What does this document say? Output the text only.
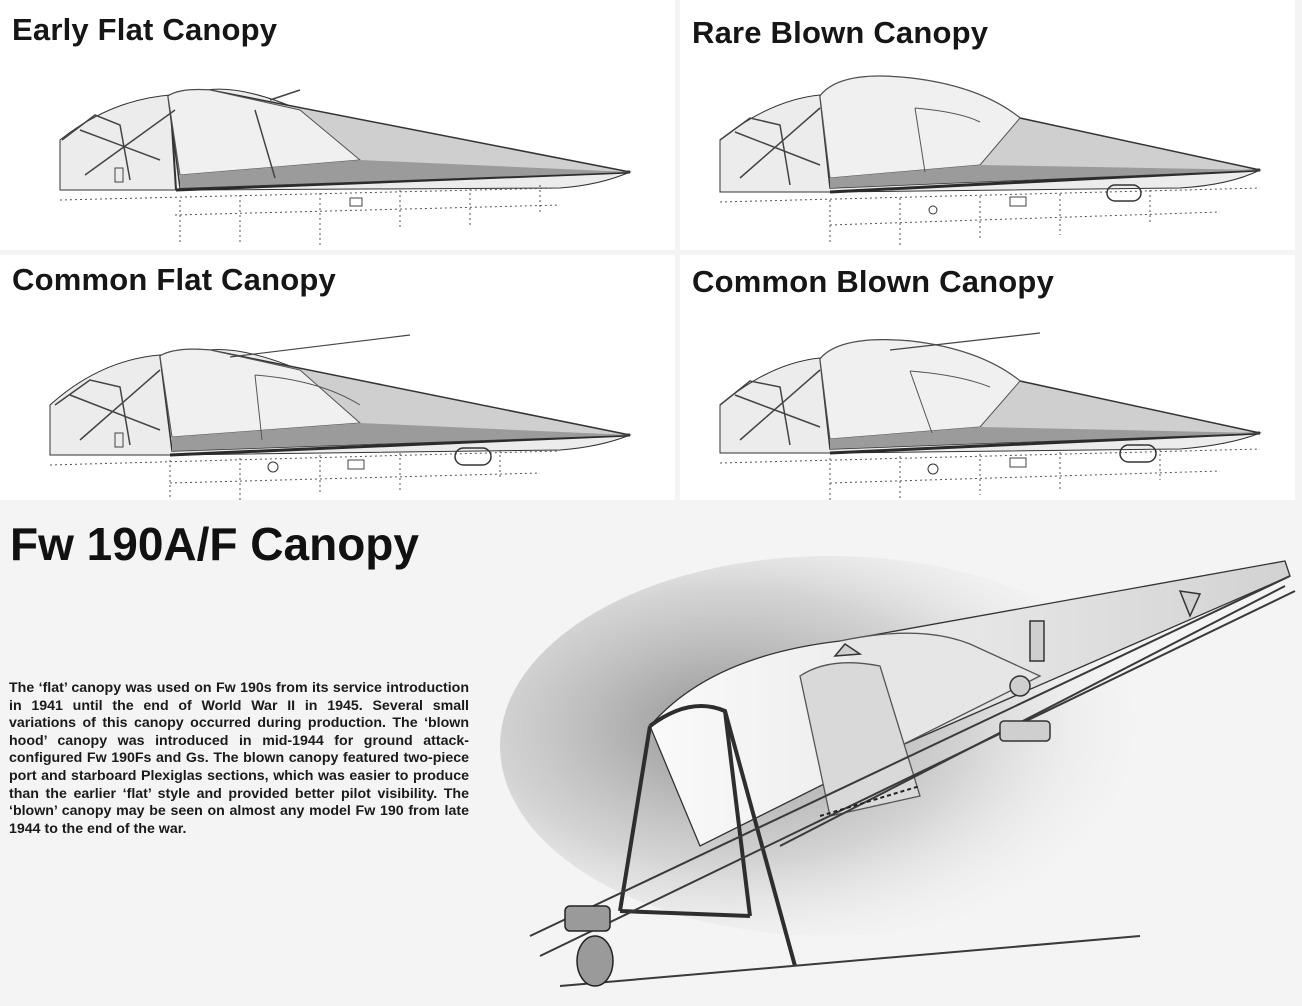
Early Flat Canopy	Rare Blown Canopy
Common Flat Canopy	Common Blown Canopy
Fw 190A/F Canopy

The ‘flat’ canopy was used on Fw 190s from its service introduction in 1941 until the end of World War II in 1945. Several small variations of this canopy occurred during production. The ‘blown hood’ canopy was introduced in mid-1944 for ground attack-configured Fw 190Fs and Gs. The blown canopy featured two-piece port and starboard Plexiglas sections, which was easier to produce than the earlier ‘flat’ style and provided better pilot visibility. The ‘blown’ canopy may be seen on almost any model Fw 190 from late 1944 to the end of the war.
